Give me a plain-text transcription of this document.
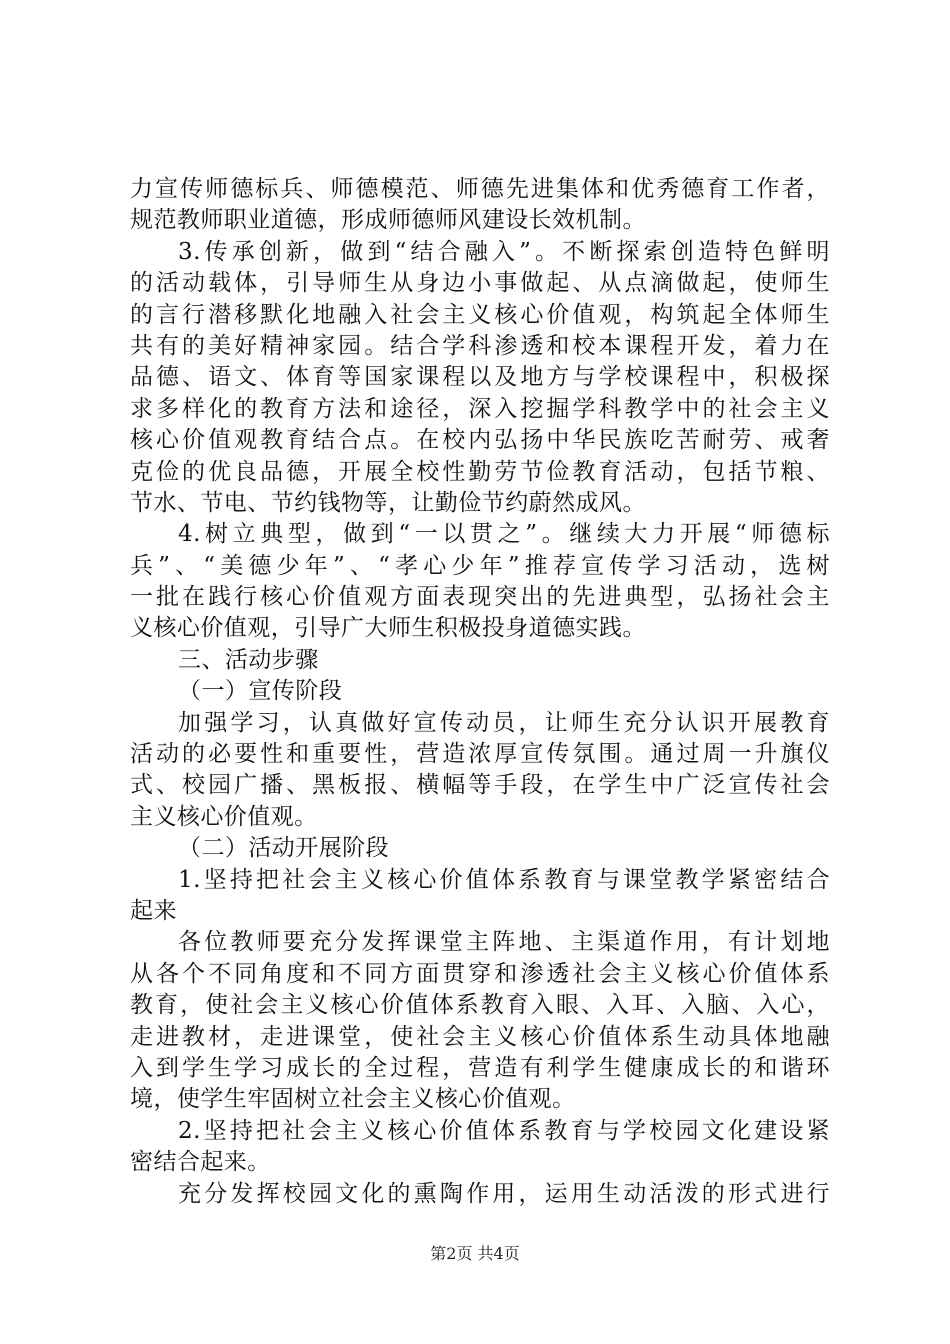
力宣传师德标兵、师德模范、师德先进集体和优秀德育工作者，
规范教师职业道德，形成师德师风建设长效机制。
3.传承创新，做到“结合融入”。不断探索创造特色鲜明
的活动载体，引导师生从身边小事做起、从点滴做起，使师生
的言行潜移默化地融入社会主义核心价值观，构筑起全体师生
共有的美好精神家园。结合学科渗透和校本课程开发，着力在
品德、语文、体育等国家课程以及地方与学校课程中，积极探
求多样化的教育方法和途径，深入挖掘学科教学中的社会主义
核心价值观教育结合点。在校内弘扬中华民族吃苦耐劳、戒奢
克俭的优良品德，开展全校性勤劳节俭教育活动，包括节粮、
节水、节电、节约钱物等，让勤俭节约蔚然成风。
4.树立典型，做到“一以贯之”。继续大力开展“师德标
兵”、“美德少年”、“孝心少年”推荐宣传学习活动，选树
一批在践行核心价值观方面表现突出的先进典型，弘扬社会主
义核心价值观，引导广大师生积极投身道德实践。
三、活动步骤
（一）宣传阶段
加强学习，认真做好宣传动员，让师生充分认识开展教育
活动的必要性和重要性，营造浓厚宣传氛围。通过周一升旗仪
式、校园广播、黑板报、横幅等手段，在学生中广泛宣传社会
主义核心价值观。
（二）活动开展阶段
1.坚持把社会主义核心价值体系教育与课堂教学紧密结合
起来
各位教师要充分发挥课堂主阵地、主渠道作用，有计划地
从各个不同角度和不同方面贯穿和渗透社会主义核心价值体系
教育，使社会主义核心价值体系教育入眼、入耳、入脑、入心，
走进教材，走进课堂，使社会主义核心价值体系生动具体地融
入到学生学习成长的全过程，营造有利学生健康成长的和谐环
境，使学生牢固树立社会主义核心价值观。
2.坚持把社会主义核心价值体系教育与学校园文化建设紧
密结合起来。
充分发挥校园文化的熏陶作用，运用生动活泼的形式进行
第2页 共4页
